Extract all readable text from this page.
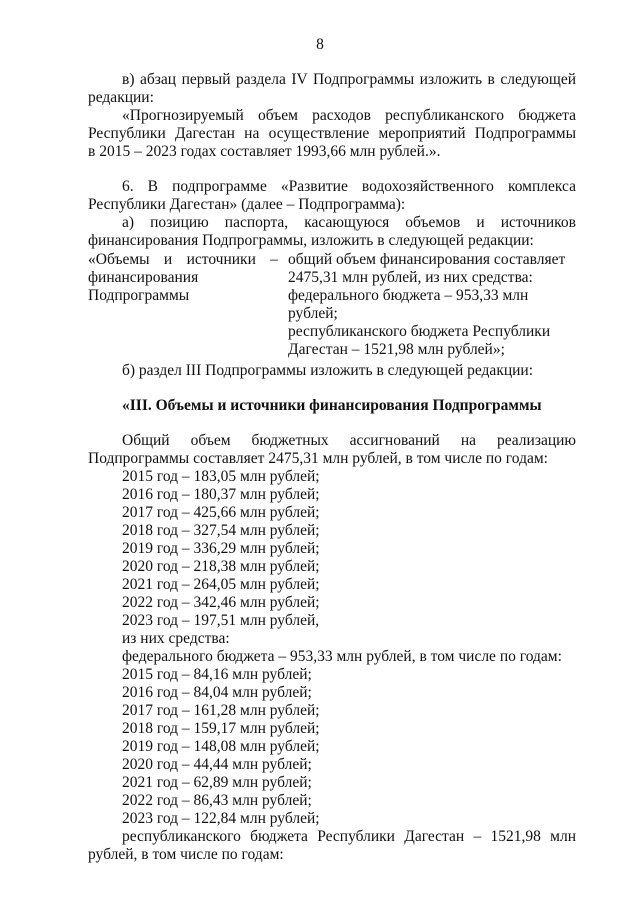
8
в) абзац первый раздела IV Подпрограммы изложить в следующей
редакции:
«Прогнозируемый объем расходов республиканского бюджета
Республики Дагестан на осуществление мероприятий Подпрограммы
в 2015 – 2023 годах составляет 1993,66 млн рублей.».
6. В подпрограмме «Развитие водохозяйственного комплекса
Республики Дагестан» (далее – Подпрограмма):
а) позицию паспорта, касающуюся объемов и источников
финансирования Подпрограммы, изложить в следующей редакции:
«Объемы и источники –
финансирования
Подпрограммы
общий объем финансирования составляет
2475,31 млн рублей, из них средства:
федерального бюджета – 953,33 млн
рублей;
республиканского бюджета Республики
Дагестан – 1521,98 млн рублей»;
б) раздел III Подпрограммы изложить в следующей редакции:
«III. Объемы и источники финансирования Подпрограммы
Общий объем бюджетных ассигнований на реализацию
Подпрограммы составляет 2475,31 млн рублей, в том числе по годам:
2015 год – 183,05 млн рублей;
2016 год – 180,37 млн рублей;
2017 год – 425,66 млн рублей;
2018 год – 327,54 млн рублей;
2019 год – 336,29 млн рублей;
2020 год – 218,38 млн рублей;
2021 год – 264,05 млн рублей;
2022 год – 342,46 млн рублей;
2023 год – 197,51 млн рублей,
из них средства:
федерального бюджета – 953,33 млн рублей, в том числе по годам:
2015 год – 84,16 млн рублей;
2016 год – 84,04 млн рублей;
2017 год – 161,28 млн рублей;
2018 год – 159,17 млн рублей;
2019 год – 148,08 млн рублей;
2020 год – 44,44 млн рублей;
2021 год – 62,89 млн рублей;
2022 год – 86,43 млн рублей;
2023 год – 122,84 млн рублей;
республиканского бюджета Республики Дагестан – 1521,98 млн
рублей, в том числе по годам:
